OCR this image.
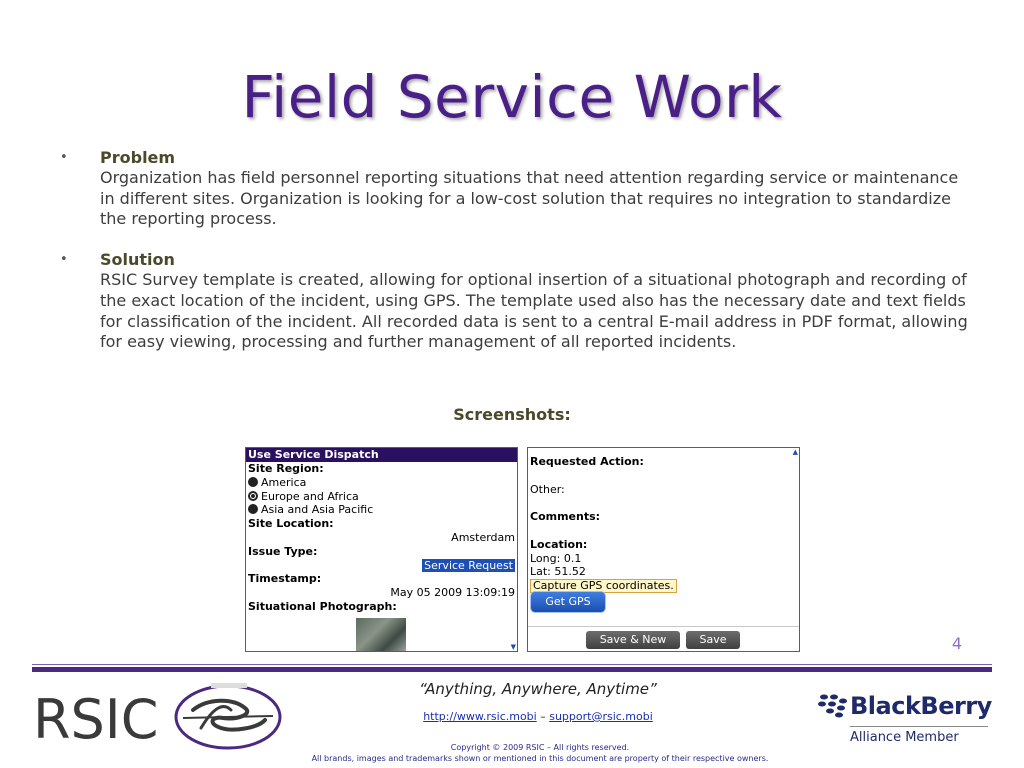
Field Service Work
• Problem
Organization has field personnel reporting situations that need attention regarding service or maintenance in different sites. Organization is looking for a low-cost solution that requires no integration to standardize the reporting process.
• Solution
RSIC Survey template is created, allowing for optional insertion of a situational photograph and recording of the exact location of the incident, using GPS. The template used also has the necessary date and text fields for classification of the incident. All recorded data is sent to a central E-mail address in PDF format, allowing for easy viewing, processing and further management of all reported incidents.
Screenshots:
Use Service Dispatch
Site Region:
America
Europe and Africa
Asia and Asia Pacific
Site Location:
Amsterdam
Issue Type:
Service Request
Timestamp:
May 05 2009 13:09:19
Situational Photograph:
▼

Requested Action:
Other:
Comments:
Location:
Long: 0.1
Lat: 51.52
Capture GPS coordinates.
Get GPS
Save & New	Save
▲
4
RSIC	“Anything, Anywhere, Anytime”
http://www.rsic.mobi – support@rsic.mobi
Copyright © 2009 RSIC – All rights reserved.
All brands, images and trademarks shown or mentioned in this document are property of their respective owners.
BlackBerry
Alliance Member
